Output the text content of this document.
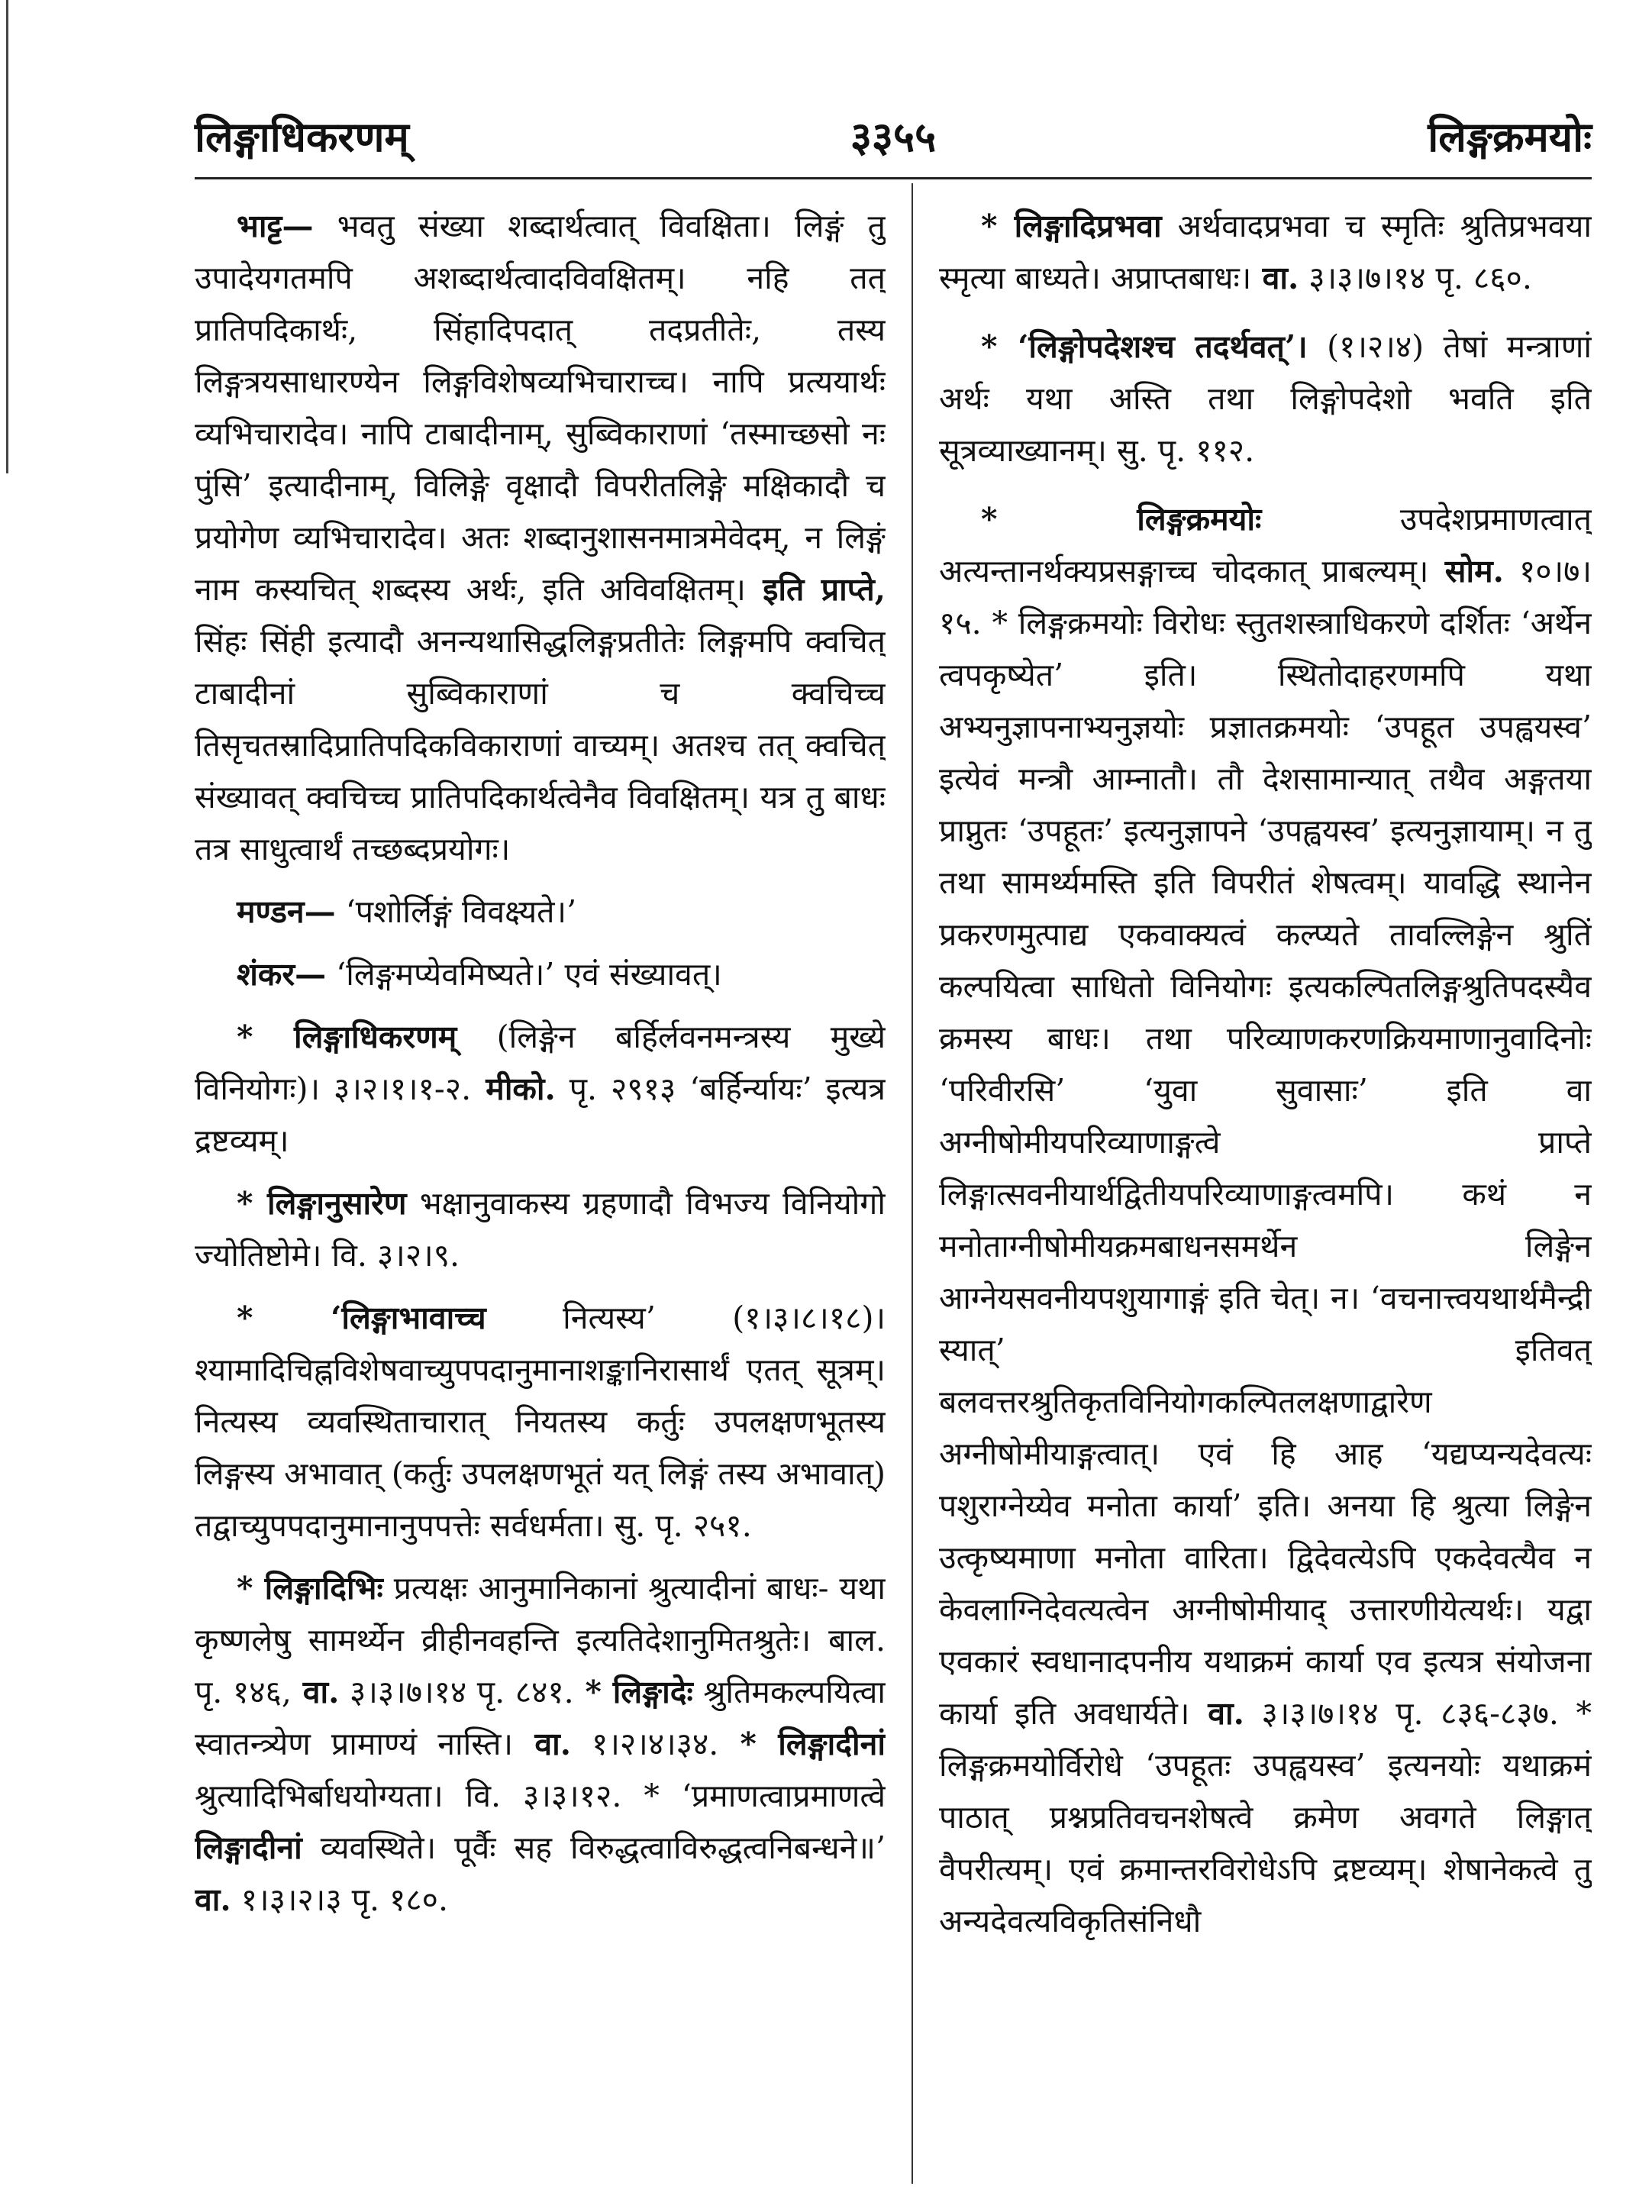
लिङ्गाधिकरणम्	३३५५	लिङ्गक्रमयोः

भाट्ट— भवतु संख्या शब्दार्थत्वात् विवक्षिता। लिङ्गं तु उपादेयगतमपि अशब्दार्थत्वादविवक्षितम्। नहि तत् प्रातिपदिकार्थः, सिंहादिपदात् तदप्रतीतेः, तस्य लिङ्गत्रयसाधारण्येन लिङ्गविशेषव्यभिचाराच्च। नापि प्रत्ययार्थः व्यभिचारादेव। नापि टाबादीनाम्, सुब्विकाराणां ‘तस्माच्छसो नः पुंसि’ इत्यादीनाम्, विलिङ्गे वृक्षादौ विपरीतलिङ्गे मक्षिकादौ च प्रयोगेण व्यभिचारादेव। अतः शब्दानुशासनमात्रमेवेदम्, न लिङ्गं नाम कस्यचित् शब्दस्य अर्थः, इति अविवक्षितम्। इति प्राप्ते, सिंहः सिंही इत्यादौ अनन्यथासिद्धलिङ्गप्रतीतेः लिङ्गमपि क्वचित् टाबादीनां सुब्विकाराणां च क्वचिच्च तिसृचतस्रादिप्रातिपदिकविकाराणां वाच्यम्। अतश्च तत् क्वचित् संख्यावत् क्वचिच्च प्रातिपदिकार्थत्वेनैव विवक्षितम्। यत्र तु बाधः तत्र साधुत्वार्थं तच्छब्दप्रयोगः।

मण्डन— ‘पशोर्लिङ्गं विवक्ष्यते।’

शंकर— ‘लिङ्गमप्येवमिष्यते।’ एवं संख्यावत्।

* लिङ्गाधिकरणम् (लिङ्गेन बर्हिर्लवनमन्त्रस्य मुख्ये विनियोगः)। ३।२।१।१-२. मीको. पृ. २९१३ ‘बर्हिर्न्यायः’ इत्यत्र द्रष्टव्यम्।

* लिङ्गानुसारेण भक्षानुवाकस्य ग्रहणादौ विभज्य विनियोगो ज्योतिष्टोमे। वि. ३।२।९.

* ‘लिङ्गाभावाच्च नित्यस्य’ (१।३।८।१८)। श्यामादिचिह्नविशेषवाच्युपपदानुमानाशङ्कानिरासार्थं एतत् सूत्रम्। नित्यस्य व्यवस्थिताचारात् नियतस्य कर्तुः उपलक्षणभूतस्य लिङ्गस्य अभावात् (कर्तुः उपलक्षणभूतं यत् लिङ्गं तस्य अभावात्) तद्वाच्युपपदानुमानानुपपत्तेः सर्वधर्मता। सु. पृ. २५१.

* लिङ्गादिभिः प्रत्यक्षः आनुमानिकानां श्रुत्यादीनां बाधः- यथा कृष्णलेषु सामर्थ्येन व्रीहीनवहन्ति इत्यतिदेशानुमितश्रुतेः। बाल. पृ. १४६, वा. ३।३।७।१४ पृ. ८४१. * लिङ्गादेः श्रुतिमकल्पयित्वा स्वातन्त्र्येण प्रामाण्यं नास्ति। वा. १।२।४।३४. * लिङ्गादीनां श्रुत्यादिभिर्बाधयोग्यता। वि. ३।३।१२. * ‘प्रमाणत्वाप्रमाणत्वे लिङ्गादीनां व्यवस्थिते। पूर्वैः सह विरुद्धत्वाविरुद्धत्वनिबन्धने॥’ वा. १।३।२।३ पृ. १८०.

* लिङ्गादिप्रभवा अर्थवादप्रभवा च स्मृतिः श्रुतिप्रभवया स्मृत्या बाध्यते। अप्राप्तबाधः। वा. ३।३।७।१४ पृ. ८६०.

* ‘लिङ्गोपदेशश्च तदर्थवत्’। (१।२।४) तेषां मन्त्राणां अर्थः यथा अस्ति तथा लिङ्गोपदेशो भवति इति सूत्रव्याख्यानम्। सु. पृ. ११२.

* लिङ्गक्रमयोः उपदेशप्रमाणत्वात् अत्यन्तानर्थक्यप्रसङ्गाच्च चोदकात् प्राबल्यम्। सोम. १०।७।१५. * लिङ्गक्रमयोः विरोधः स्तुतशस्त्राधिकरणे दर्शितः ‘अर्थेन त्वपकृष्येत’ इति। स्थितोदाहरणमपि यथा अभ्यनुज्ञापनाभ्यनुज्ञयोः प्रज्ञातक्रमयोः ‘उपहूत उपह्वयस्व’ इत्येवं मन्त्रौ आम्नातौ। तौ देशसामान्यात् तथैव अङ्गतया प्राप्नुतः ‘उपहूतः’ इत्यनुज्ञापने ‘उपह्वयस्व’ इत्यनुज्ञायाम्। न तु तथा सामर्थ्यमस्ति इति विपरीतं शेषत्वम्। यावद्धि स्थानेन प्रकरणमुत्पाद्य एकवाक्यत्वं कल्प्यते तावल्लिङ्गेन श्रुतिं कल्पयित्वा साधितो विनियोगः इत्यकल्पितलिङ्गश्रुतिपदस्यैव क्रमस्य बाधः। तथा परिव्याणकरणक्रियमाणानुवादिनोः ‘परिवीरसि’ ‘युवा सुवासाः’ इति वा अग्नीषोमीयपरिव्याणाङ्गत्वे प्राप्ते लिङ्गात्सवनीयार्थद्वितीयपरिव्याणाङ्गत्वमपि। कथं न मनोताग्नीषोमीयक्रमबाधनसमर्थेन लिङ्गेन आग्नेयसवनीयपशुयागाङ्गं इति चेत्। न। ‘वचनात्त्वयथार्थमैन्द्री स्यात्’ इतिवत् बलवत्तरश्रुतिकृतविनियोगकल्पितलक्षणाद्वारेण अग्नीषोमीयाङ्गत्वात्। एवं हि आह ‘यद्यप्यन्यदेवत्यः पशुराग्नेय्येव मनोता कार्या’ इति। अनया हि श्रुत्या लिङ्गेन उत्कृष्यमाणा मनोता वारिता। द्विदेवत्येऽपि एकदेवत्यैव न केवलाग्निदेवत्यत्वेन अग्नीषोमीयाद् उत्तारणीयेत्यर्थः। यद्वा एवकारं स्वधानादपनीय यथाक्रमं कार्या एव इत्यत्र संयोजना कार्या इति अवधार्यते। वा. ३।३।७।१४ पृ. ८३६-८३७. * लिङ्गक्रमयोर्विरोधे ‘उपहूतः उपह्वयस्व’ इत्यनयोः यथाक्रमं पाठात् प्रश्नप्रतिवचनशेषत्वे क्रमेण अवगते लिङ्गात् वैपरीत्यम्। एवं क्रमान्तरविरोधेऽपि द्रष्टव्यम्। शेषानेकत्वे तु अन्यदेवत्यविकृतिसंनिधौ
